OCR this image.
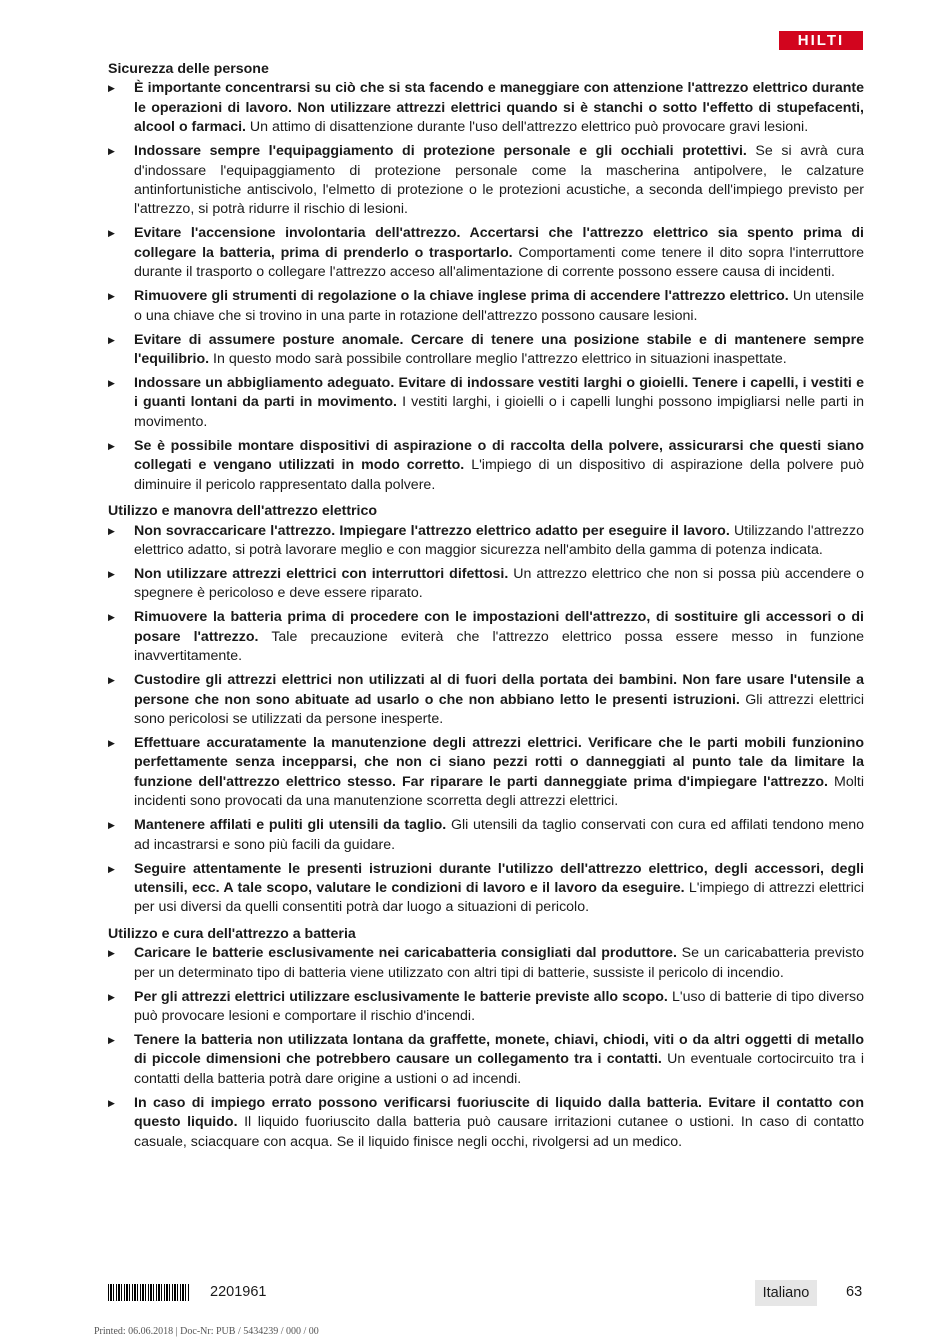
HILTI
Sicurezza delle persone
▶ È importante concentrarsi su ciò che si sta facendo e maneggiare con attenzione l'attrezzo elettrico durante le operazioni di lavoro. Non utilizzare attrezzi elettrici quando si è stanchi o sotto l'effetto di stupefacenti, alcool o farmaci. Un attimo di disattenzione durante l'uso dell'attrezzo elettrico può provocare gravi lesioni.
▶ Indossare sempre l'equipaggiamento di protezione personale e gli occhiali protettivi. Se si avrà cura d'indossare l'equipaggiamento di protezione personale come la mascherina antipolvere, le calzature antinfortunistiche antiscivolo, l'elmetto di protezione o le protezioni acustiche, a seconda dell'impiego previsto per l'attrezzo, si potrà ridurre il rischio di lesioni.
▶ Evitare l'accensione involontaria dell'attrezzo. Accertarsi che l'attrezzo elettrico sia spento prima di collegare la batteria, prima di prenderlo o trasportarlo. Comportamenti come tenere il dito sopra l'interruttore durante il trasporto o collegare l'attrezzo acceso all'alimentazione di corrente possono essere causa di incidenti.
▶ Rimuovere gli strumenti di regolazione o la chiave inglese prima di accendere l'attrezzo elettrico. Un utensile o una chiave che si trovino in una parte in rotazione dell'attrezzo possono causare lesioni.
▶ Evitare di assumere posture anomale. Cercare di tenere una posizione stabile e di mantenere sempre l'equilibrio. In questo modo sarà possibile controllare meglio l'attrezzo elettrico in situazioni inaspettate.
▶ Indossare un abbigliamento adeguato. Evitare di indossare vestiti larghi o gioielli. Tenere i capelli, i vestiti e i guanti lontani da parti in movimento. I vestiti larghi, i gioielli o i capelli lunghi possono impigliarsi nelle parti in movimento.
▶ Se è possibile montare dispositivi di aspirazione o di raccolta della polvere, assicurarsi che questi siano collegati e vengano utilizzati in modo corretto. L'impiego di un dispositivo di aspirazione della polvere può diminuire il pericolo rappresentato dalla polvere.
Utilizzo e manovra dell'attrezzo elettrico
▶ Non sovraccaricare l'attrezzo. Impiegare l'attrezzo elettrico adatto per eseguire il lavoro. Utilizzando l'attrezzo elettrico adatto, si potrà lavorare meglio e con maggior sicurezza nell'ambito della gamma di potenza indicata.
▶ Non utilizzare attrezzi elettrici con interruttori difettosi. Un attrezzo elettrico che non si possa più accendere o spegnere è pericoloso e deve essere riparato.
▶ Rimuovere la batteria prima di procedere con le impostazioni dell'attrezzo, di sostituire gli accessori o di posare l'attrezzo. Tale precauzione eviterà che l'attrezzo elettrico possa essere messo in funzione inavvertitamente.
▶ Custodire gli attrezzi elettrici non utilizzati al di fuori della portata dei bambini. Non fare usare l'utensile a persone che non sono abituate ad usarlo o che non abbiano letto le presenti istruzioni. Gli attrezzi elettrici sono pericolosi se utilizzati da persone inesperte.
▶ Effettuare accuratamente la manutenzione degli attrezzi elettrici. Verificare che le parti mobili funzionino perfettamente senza incepparsi, che non ci siano pezzi rotti o danneggiati al punto tale da limitare la funzione dell'attrezzo elettrico stesso. Far riparare le parti danneggiate prima d'impiegare l'attrezzo. Molti incidenti sono provocati da una manutenzione scorretta degli attrezzi elettrici.
▶ Mantenere affilati e puliti gli utensili da taglio. Gli utensili da taglio conservati con cura ed affilati tendono meno ad incastrarsi e sono più facili da guidare.
▶ Seguire attentamente le presenti istruzioni durante l'utilizzo dell'attrezzo elettrico, degli accessori, degli utensili, ecc. A tale scopo, valutare le condizioni di lavoro e il lavoro da eseguire. L'impiego di attrezzi elettrici per usi diversi da quelli consentiti potrà dar luogo a situazioni di pericolo.
Utilizzo e cura dell'attrezzo a batteria
▶ Caricare le batterie esclusivamente nei caricabatteria consigliati dal produttore. Se un caricabatteria previsto per un determinato tipo di batteria viene utilizzato con altri tipi di batterie, sussiste il pericolo di incendio.
▶ Per gli attrezzi elettrici utilizzare esclusivamente le batterie previste allo scopo. L'uso di batterie di tipo diverso può provocare lesioni e comportare il rischio d'incendi.
▶ Tenere la batteria non utilizzata lontana da graffette, monete, chiavi, chiodi, viti o da altri oggetti di metallo di piccole dimensioni che potrebbero causare un collegamento tra i contatti. Un eventuale cortocircuito tra i contatti della batteria potrà dare origine a ustioni o ad incendi.
▶ In caso di impiego errato possono verificarsi fuoriuscite di liquido dalla batteria. Evitare il contatto con questo liquido. Il liquido fuoriuscito dalla batteria può causare irritazioni cutanee o ustioni. In caso di contatto casuale, sciacquare con acqua. Se il liquido finisce negli occhi, rivolgersi ad un medico.
2201961	Italiano	63
Printed: 06.06.2018 | Doc-Nr: PUB / 5434239 / 000 / 00
